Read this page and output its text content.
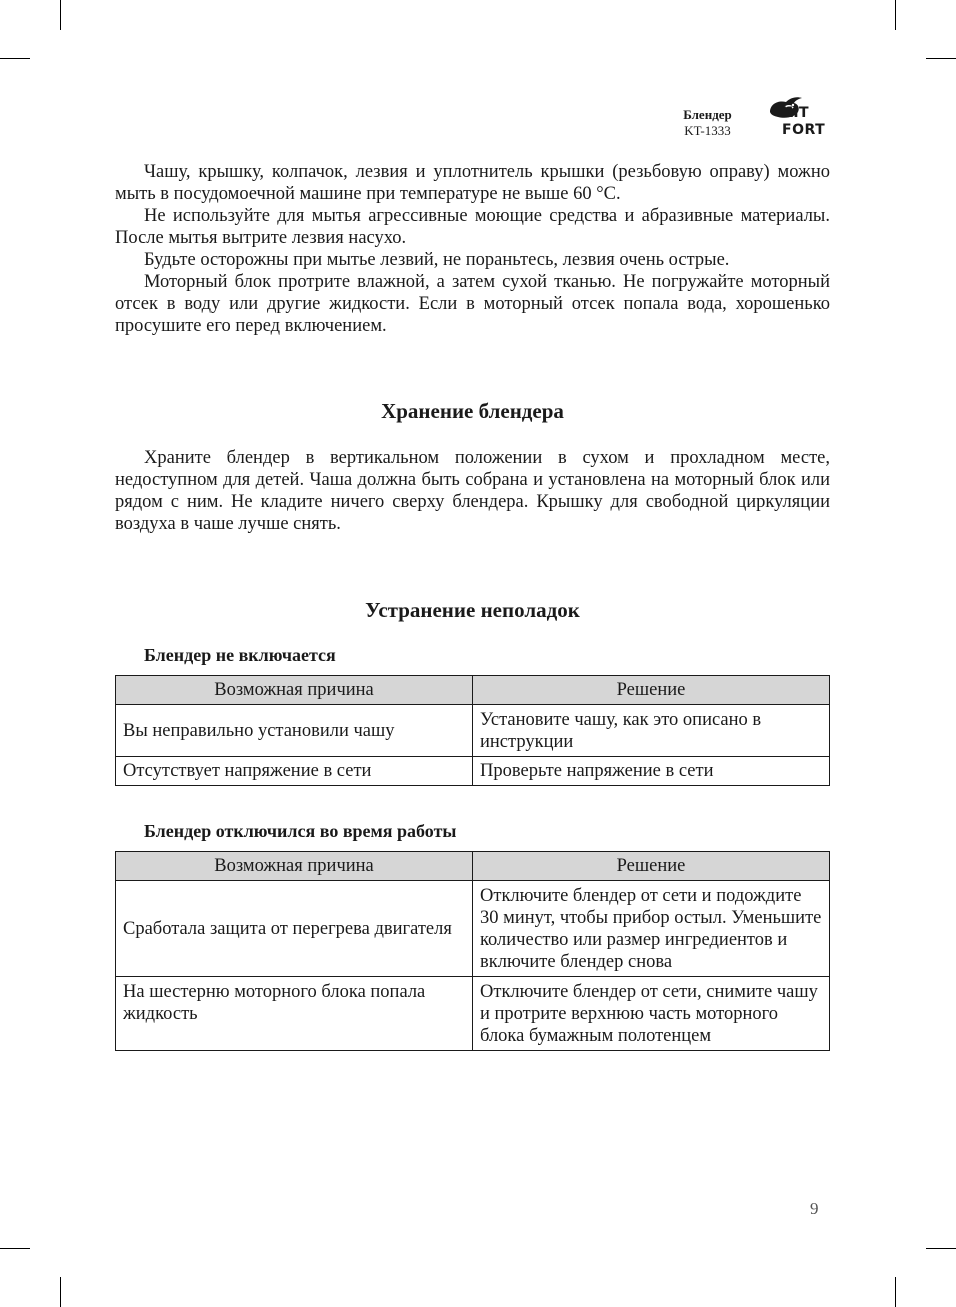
Блендер
KT-1333
KIT
FORT

Чашу, крышку, колпачок, лезвия и уплотнитель крышки (резьбовую оправу) можно мыть в посудомоечной машине при температуре не выше 60 °С.

Не используйте для мытья агрессивные моющие средства и абразивные материалы. После мытья вытрите лезвия насухо.

Будьте осторожны при мытье лезвий, не пораньтесь, лезвия очень острые.

Моторный блок протрите влажной, а затем сухой тканью. Не погружайте моторный отсек в воду или другие жидкости. Если в моторный отсек попала вода, хорошенько просушите его перед включением.

Хранение блендера

Храните блендер в вертикальном положении в сухом и прохладном месте, недоступном для детей. Чаша должна быть собрана и установлена на моторный блок или рядом с ним. Не кладите ничего сверху блендера. Крышку для свободной циркуляции воздуха в чаше лучше снять.

Устранение неполадок
Блендер не включается
Возможная причина	Решение
Вы неправильно установили чашу	Установите чашу, как это описано в инструкции
Отсутствует напряжение в сети	Проверьте напряжение в сети
Блендер отключился во время работы
Возможная причина	Решение
Сработала защита от перегрева двигателя	Отключите блендер от сети и подождите 30 минут, чтобы прибор остыл. Уменьшите количество или размер ингредиентов и включите блендер снова
На шестерню моторного блока попала жидкость	Отключите блендер от сети, снимите чашу и протрите верхнюю часть моторного блока бумажным полотенцем
9
